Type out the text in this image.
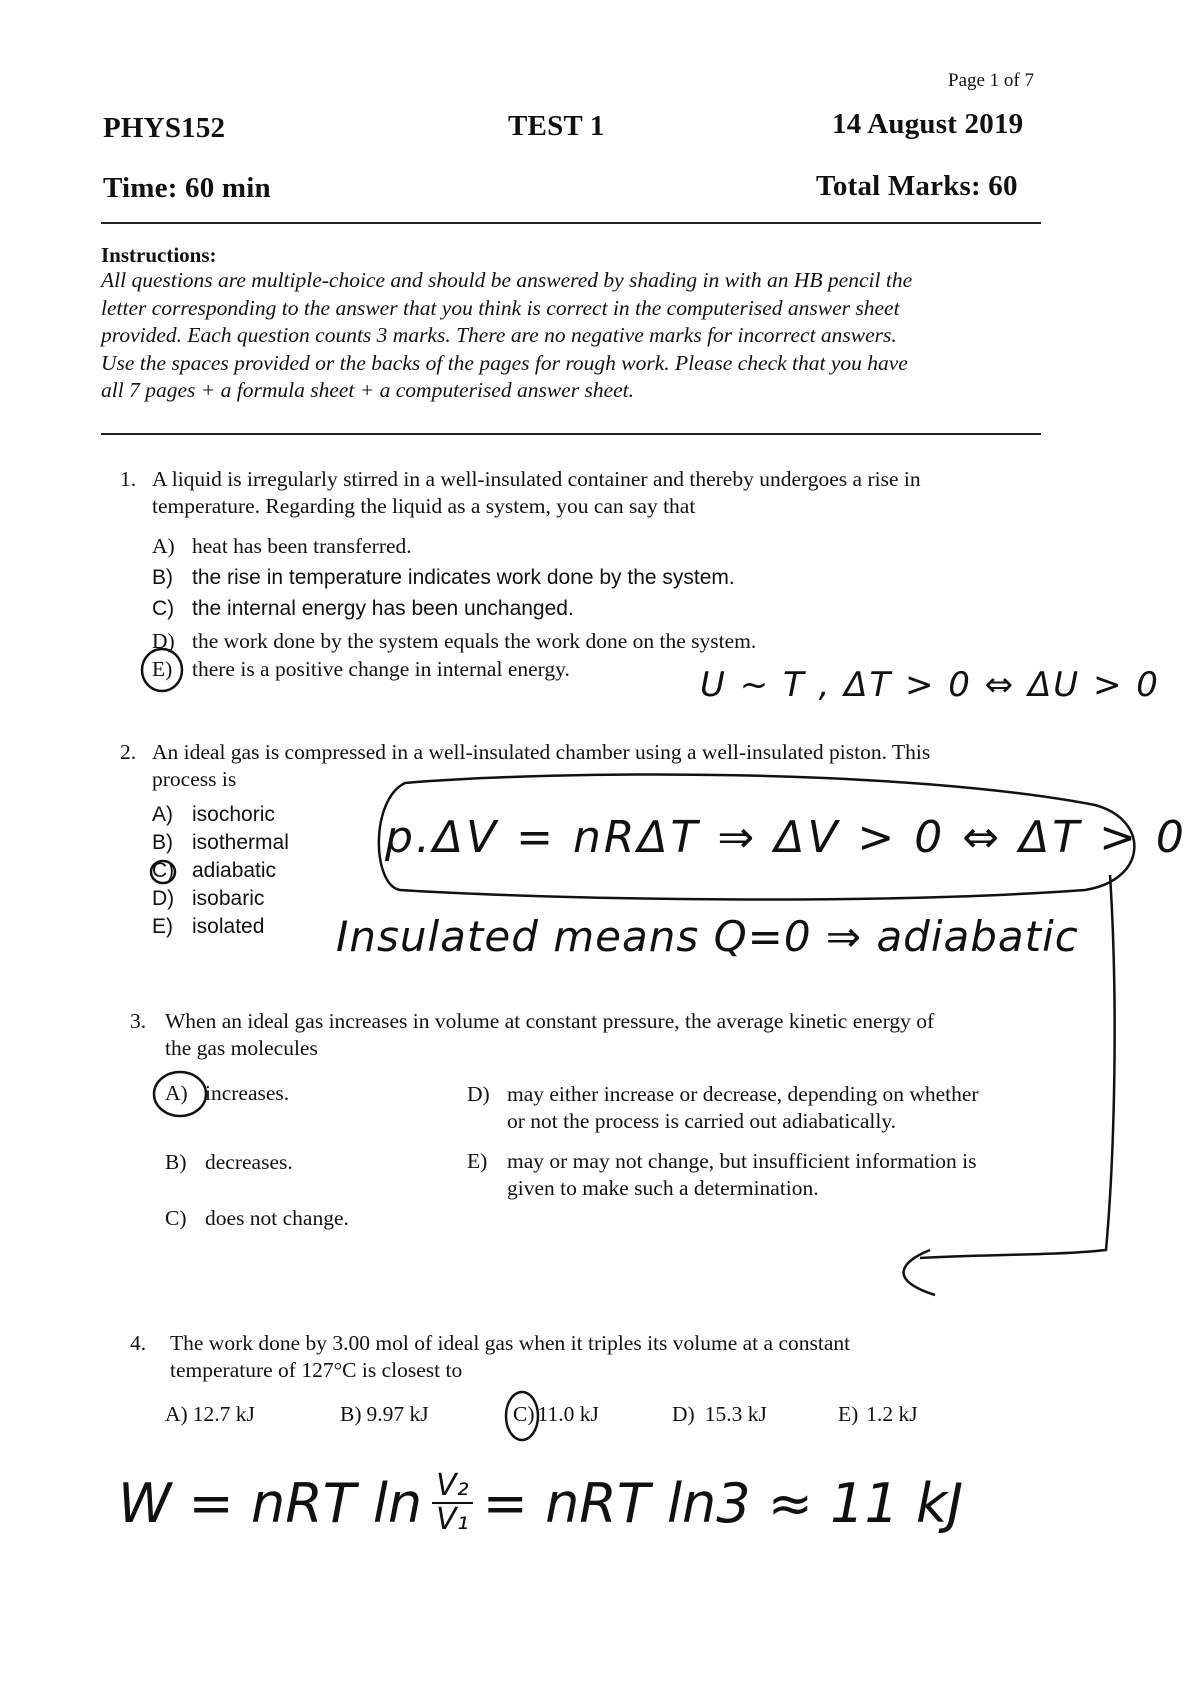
Page 1 of 7
PHYS152	TEST 1	14 August 2019
Time: 60 min	Total Marks: 60
Instructions:
All questions are multiple-choice and should be answered by shading in with an HB pencil the
letter corresponding to the answer that you think is correct in the computerised answer sheet
provided. Each question counts 3 marks. There are no negative marks for incorrect answers.
Use the spaces provided or the backs of the pages for rough work. Please check that you have
all 7 pages + a formula sheet + a computerised answer sheet.
1. A liquid is irregularly stirred in a well-insulated container and thereby undergoes a rise in
temperature. Regarding the liquid as a system, you can say that
A) heat has been transferred.
B) the rise in temperature indicates work done by the system.
C) the internal energy has been unchanged.
D) the work done by the system equals the work done on the system.
E) there is a positive change in internal energy.	U ~ T , ΔT > 0 ⇔ ΔU > 0
2. An ideal gas is compressed in a well-insulated chamber using a well-insulated piston. This
process is
A) isochoric
B) isothermal
C) adiabatic
D) isobaric
E) isolated
p.ΔV = nRΔT ⇒ ΔV > 0 ⇔ ΔT > 0
Insulated means Q=0 ⇒ adiabatic
3. When an ideal gas increases in volume at constant pressure, the average kinetic energy of
the gas molecules
A) increases.
B) decreases.
C) does not change.
D) may either increase or decrease, depending on whether
or not the process is carried out adiabatically.
E) may or may not change, but insufficient information is
given to make such a determination.
4. The work done by 3.00 mol of ideal gas when it triples its volume at a constant
temperature of 127°C is closest to
A) 12.7 kJ	B) 9.97 kJ	C) 11.0 kJ	D) 15.3 kJ	E) 1.2 kJ
W = nRT $\ln \frac{\text{V₂}}{\text{V₁}}$ = nRT ln3 ≈ 11 kJ
